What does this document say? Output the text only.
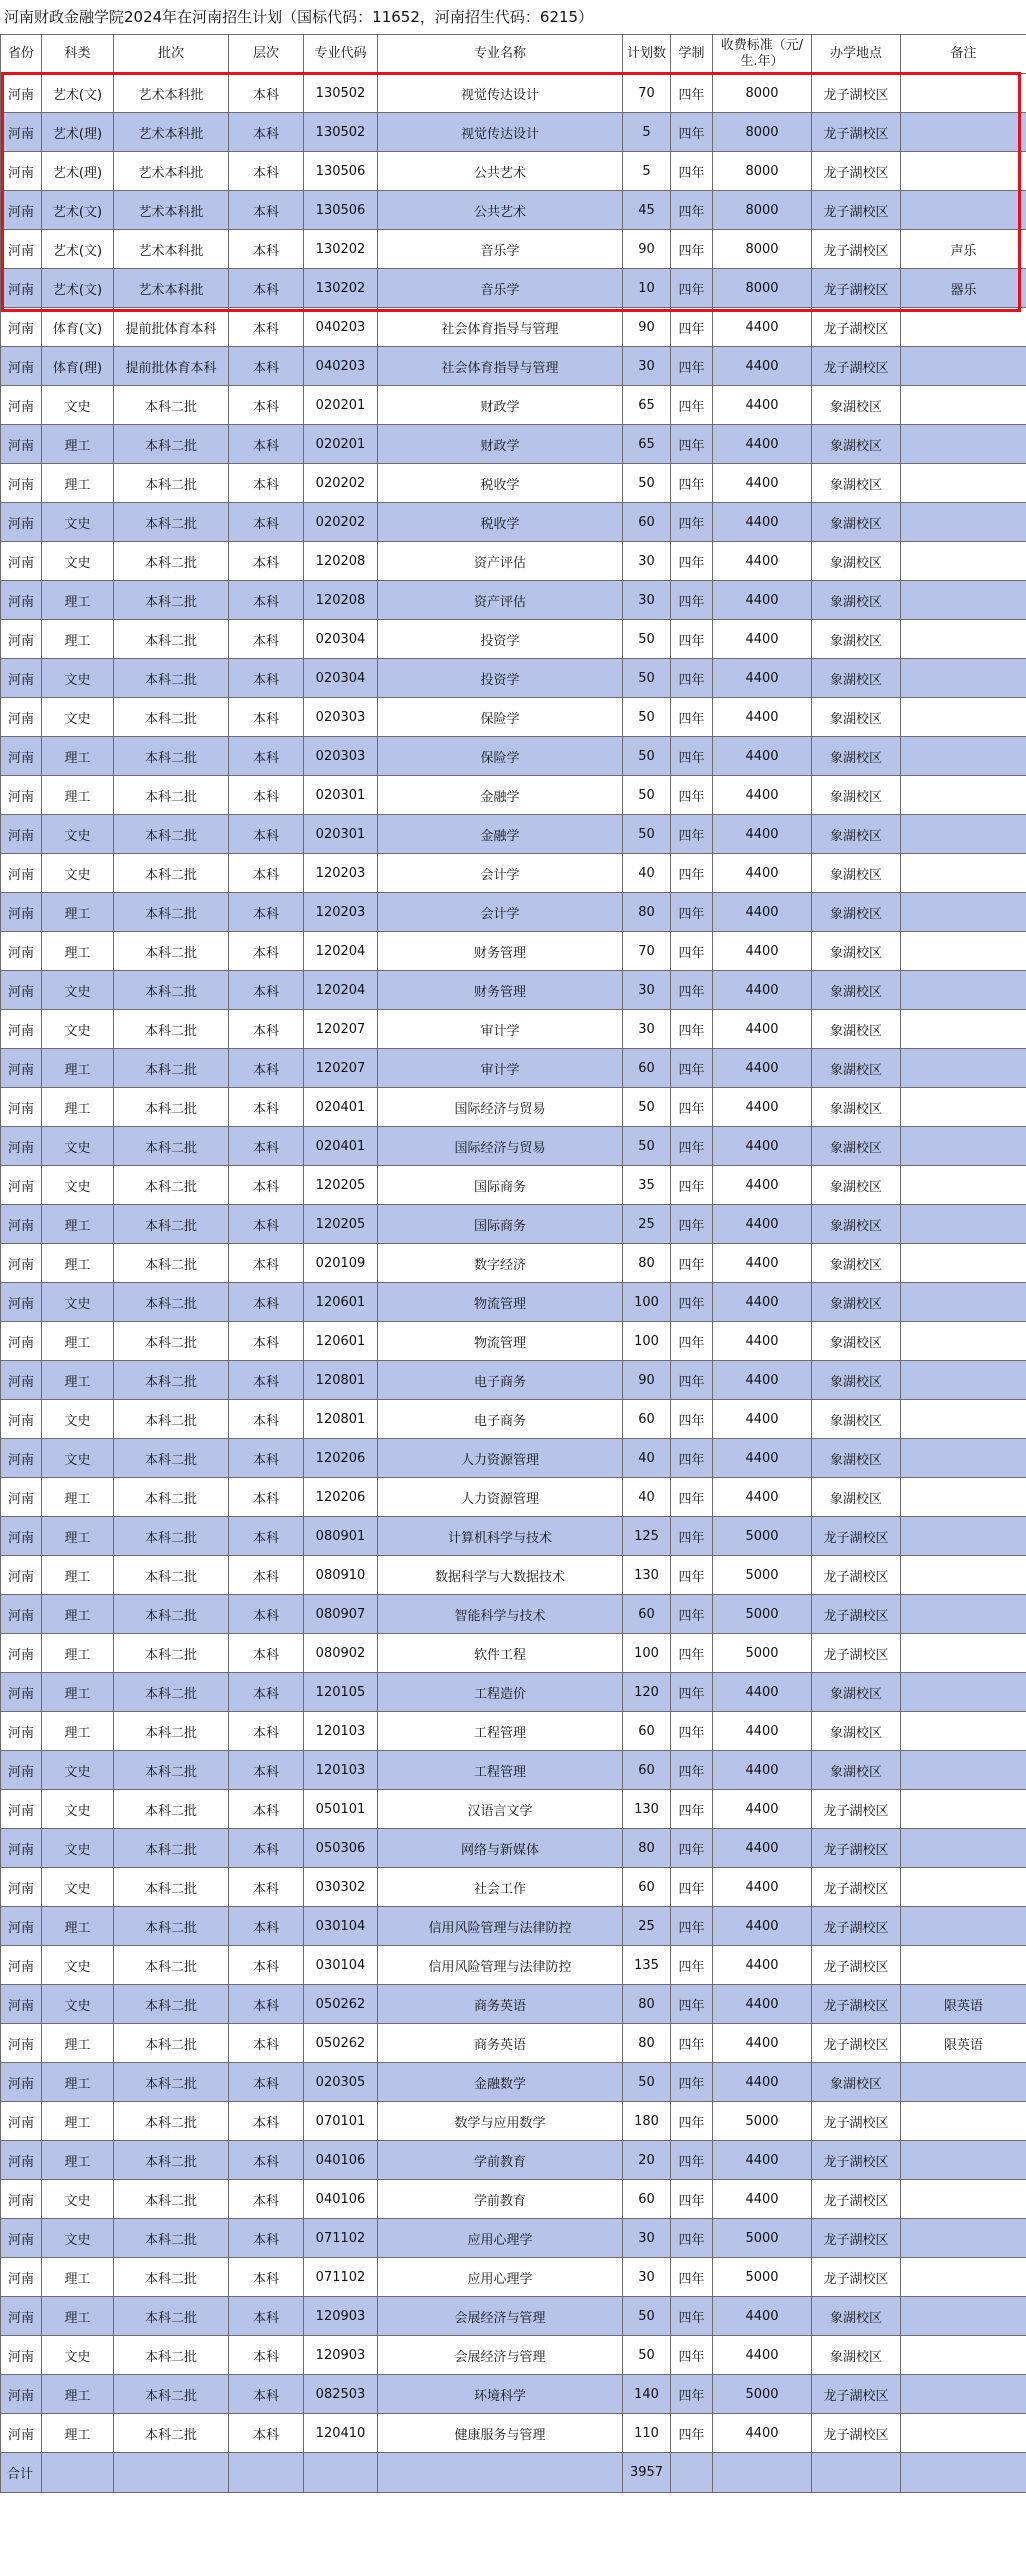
河南财政金融学院2024年在河南招生计划（国标代码：11652，河南招生代码：6215）
省份	科类	批次	层次	专业代码	专业名称	计划数	学制	收费标准（元/生.年）	办学地点	备注
河南	艺术(文)	艺术本科批	本科	130502	视觉传达设计	70	四年	8000	龙子湖校区	
河南	艺术(理)	艺术本科批	本科	130502	视觉传达设计	5	四年	8000	龙子湖校区	
河南	艺术(理)	艺术本科批	本科	130506	公共艺术	5	四年	8000	龙子湖校区	
河南	艺术(文)	艺术本科批	本科	130506	公共艺术	45	四年	8000	龙子湖校区	
河南	艺术(文)	艺术本科批	本科	130202	音乐学	90	四年	8000	龙子湖校区	声乐
河南	艺术(文)	艺术本科批	本科	130202	音乐学	10	四年	8000	龙子湖校区	器乐
河南	体育(文)	提前批体育本科	本科	040203	社会体育指导与管理	90	四年	4400	龙子湖校区	
河南	体育(理)	提前批体育本科	本科	040203	社会体育指导与管理	30	四年	4400	龙子湖校区	
河南	文史	本科二批	本科	020201	财政学	65	四年	4400	象湖校区	
河南	理工	本科二批	本科	020201	财政学	65	四年	4400	象湖校区	
河南	理工	本科二批	本科	020202	税收学	50	四年	4400	象湖校区	
河南	文史	本科二批	本科	020202	税收学	60	四年	4400	象湖校区	
河南	文史	本科二批	本科	120208	资产评估	30	四年	4400	象湖校区	
河南	理工	本科二批	本科	120208	资产评估	30	四年	4400	象湖校区	
河南	理工	本科二批	本科	020304	投资学	50	四年	4400	象湖校区	
河南	文史	本科二批	本科	020304	投资学	50	四年	4400	象湖校区	
河南	文史	本科二批	本科	020303	保险学	50	四年	4400	象湖校区	
河南	理工	本科二批	本科	020303	保险学	50	四年	4400	象湖校区	
河南	理工	本科二批	本科	020301	金融学	50	四年	4400	象湖校区	
河南	文史	本科二批	本科	020301	金融学	50	四年	4400	象湖校区	
河南	文史	本科二批	本科	120203	会计学	40	四年	4400	象湖校区	
河南	理工	本科二批	本科	120203	会计学	80	四年	4400	象湖校区	
河南	理工	本科二批	本科	120204	财务管理	70	四年	4400	象湖校区	
河南	文史	本科二批	本科	120204	财务管理	30	四年	4400	象湖校区	
河南	文史	本科二批	本科	120207	审计学	30	四年	4400	象湖校区	
河南	理工	本科二批	本科	120207	审计学	60	四年	4400	象湖校区	
河南	理工	本科二批	本科	020401	国际经济与贸易	50	四年	4400	象湖校区	
河南	文史	本科二批	本科	020401	国际经济与贸易	50	四年	4400	象湖校区	
河南	文史	本科二批	本科	120205	国际商务	35	四年	4400	象湖校区	
河南	理工	本科二批	本科	120205	国际商务	25	四年	4400	象湖校区	
河南	理工	本科二批	本科	020109	数字经济	80	四年	4400	象湖校区	
河南	文史	本科二批	本科	120601	物流管理	100	四年	4400	象湖校区	
河南	理工	本科二批	本科	120601	物流管理	100	四年	4400	象湖校区	
河南	理工	本科二批	本科	120801	电子商务	90	四年	4400	象湖校区	
河南	文史	本科二批	本科	120801	电子商务	60	四年	4400	象湖校区	
河南	文史	本科二批	本科	120206	人力资源管理	40	四年	4400	象湖校区	
河南	理工	本科二批	本科	120206	人力资源管理	40	四年	4400	象湖校区	
河南	理工	本科二批	本科	080901	计算机科学与技术	125	四年	5000	龙子湖校区	
河南	理工	本科二批	本科	080910	数据科学与大数据技术	130	四年	5000	龙子湖校区	
河南	理工	本科二批	本科	080907	智能科学与技术	60	四年	5000	龙子湖校区	
河南	理工	本科二批	本科	080902	软件工程	100	四年	5000	龙子湖校区	
河南	理工	本科二批	本科	120105	工程造价	120	四年	4400	象湖校区	
河南	理工	本科二批	本科	120103	工程管理	60	四年	4400	象湖校区	
河南	文史	本科二批	本科	120103	工程管理	60	四年	4400	象湖校区	
河南	文史	本科二批	本科	050101	汉语言文学	130	四年	4400	龙子湖校区	
河南	文史	本科二批	本科	050306	网络与新媒体	80	四年	4400	龙子湖校区	
河南	文史	本科二批	本科	030302	社会工作	60	四年	4400	龙子湖校区	
河南	理工	本科二批	本科	030104	信用风险管理与法律防控	25	四年	4400	龙子湖校区	
河南	文史	本科二批	本科	030104	信用风险管理与法律防控	135	四年	4400	龙子湖校区	
河南	文史	本科二批	本科	050262	商务英语	80	四年	4400	龙子湖校区	限英语
河南	理工	本科二批	本科	050262	商务英语	80	四年	4400	龙子湖校区	限英语
河南	理工	本科二批	本科	020305	金融数学	50	四年	4400	象湖校区	
河南	理工	本科二批	本科	070101	数学与应用数学	180	四年	5000	龙子湖校区	
河南	理工	本科二批	本科	040106	学前教育	20	四年	4400	龙子湖校区	
河南	文史	本科二批	本科	040106	学前教育	60	四年	4400	龙子湖校区	
河南	文史	本科二批	本科	071102	应用心理学	30	四年	5000	龙子湖校区	
河南	理工	本科二批	本科	071102	应用心理学	30	四年	5000	龙子湖校区	
河南	理工	本科二批	本科	120903	会展经济与管理	50	四年	4400	象湖校区	
河南	文史	本科二批	本科	120903	会展经济与管理	50	四年	4400	象湖校区	
河南	理工	本科二批	本科	082503	环境科学	140	四年	5000	龙子湖校区	
河南	理工	本科二批	本科	120410	健康服务与管理	110	四年	4400	龙子湖校区	
合计						3957				
